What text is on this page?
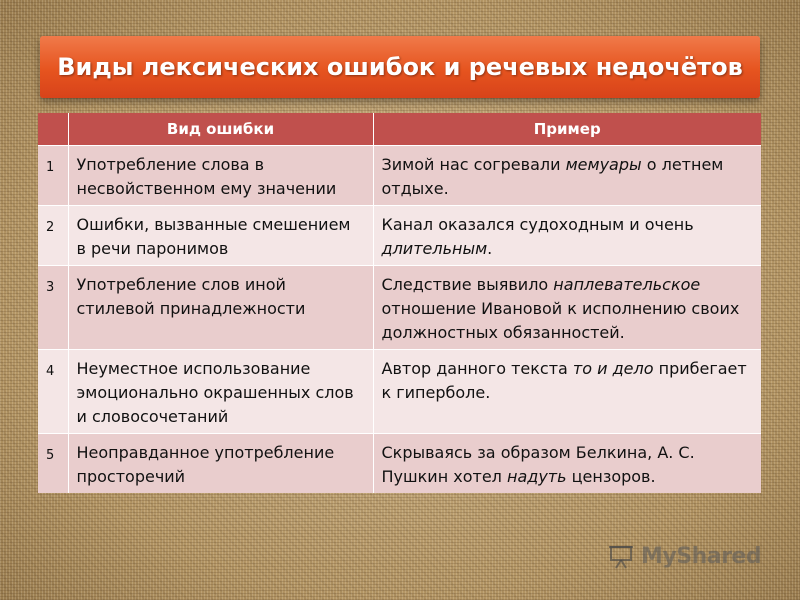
Виды лексических ошибок и речевых недочётов
	Вид ошибки	Пример
1	Употребление слова в несвойственном ему значении	Зимой нас согревали мемуары о летнем отдыхе.
2	Ошибки, вызванные смешением в речи паронимов	Канал оказался судоходным и очень длительным.
3	Употребление слов иной стилевой принадлежности	Следствие выявило наплевательское отношение Ивановой к исполнению своих должностных обязанностей.
4	Неуместное использование эмоционально окрашенных слов и словосочетаний	Автор данного текста то и дело прибегает к гиперболе.
5	Неоправданное употребление просторечий	Скрываясь за образом Белкина, А. С. Пушкин хотел надуть цензоров.
MyShared
